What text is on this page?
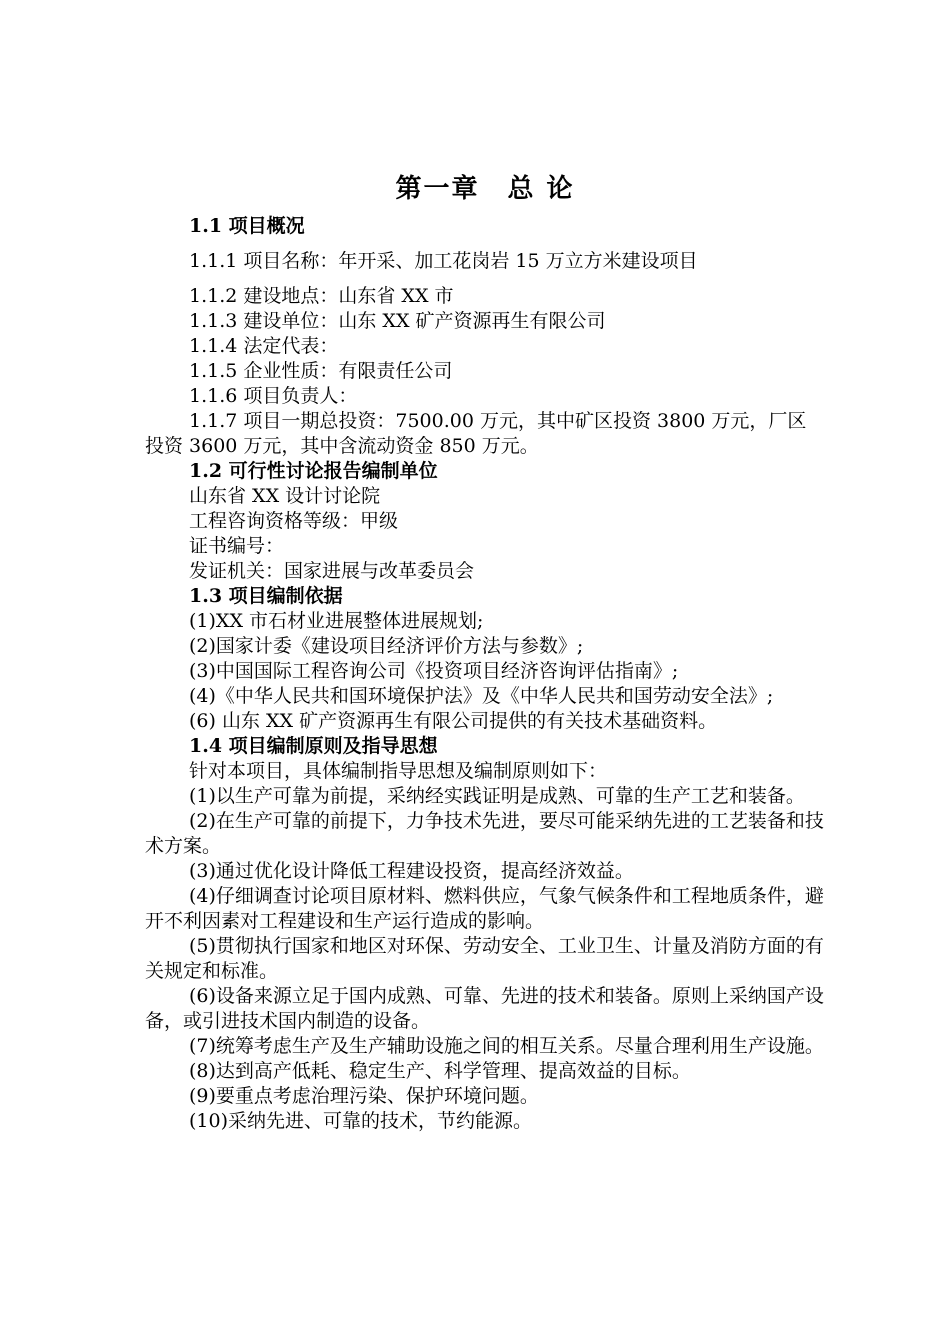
第一章 总 论

1.1 项目概况

1.1.1 项目名称：年开采、加工花岗岩 15 万立方米建设项目

1.1.2 建设地点：山东省 XX 市

1.1.3 建设单位：山东 XX 矿产资源再生有限公司

1.1.4 法定代表：

1.1.5 企业性质：有限责任公司

1.1.6 项目负责人：

1.1.7 项目一期总投资：7500.00 万元，其中矿区投资 3800 万元，厂区投资 3600 万元，其中含流动资金 850 万元。

1.2 可行性讨论报告编制单位

山东省 XX 设计讨论院

工程咨询资格等级：甲级

证书编号：

发证机关：国家进展与改革委员会

1.3 项目编制依据

(1)XX 市石材业进展整体进展规划;

(2)国家计委《建设项目经济评价方法与参数》;

(3)中国国际工程咨询公司《投资项目经济咨询评估指南》;

(4)《中华人民共和国环境保护法》及《中华人民共和国劳动安全法》;

(6) 山东 XX 矿产资源再生有限公司提供的有关技术基础资料。

1.4 项目编制原则及指导思想

针对本项目，具体编制指导思想及编制原则如下：

(1)以生产可靠为前提，采纳经实践证明是成熟、可靠的生产工艺和装备。

(2)在生产可靠的前提下，力争技术先进，要尽可能采纳先进的工艺装备和技术方案。

(3)通过优化设计降低工程建设投资，提高经济效益。

(4)仔细调查讨论项目原材料、燃料供应，气象气候条件和工程地质条件，避开不利因素对工程建设和生产运行造成的影响。

(5)贯彻执行国家和地区对环保、劳动安全、工业卫生、计量及消防方面的有关规定和标准。

(6)设备来源立足于国内成熟、可靠、先进的技术和装备。原则上采纳国产设备，或引进技术国内制造的设备。

(7)统筹考虑生产及生产辅助设施之间的相互关系。尽量合理利用生产设施。

(8)达到高产低耗、稳定生产、科学管理、提高效益的目标。

(9)要重点考虑治理污染、保护环境问题。

(10)采纳先进、可靠的技术，节约能源。
